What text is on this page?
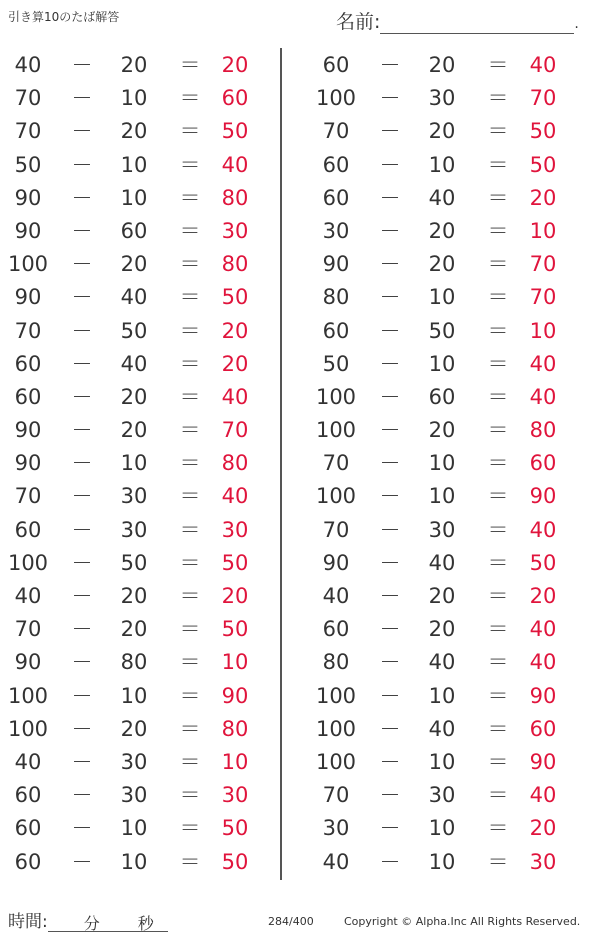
引き算10のたば解答	名前:	.
40	－	20	＝	20
70	－	10	＝	60
70	－	20	＝	50
50	－	10	＝	40
90	－	10	＝	80
90	－	60	＝	30
100 －	20	＝	80
90	－	40	＝	50
70	－	50	＝	20
60	－	40	＝	20
60	－	20	＝	40
90	－	20	＝	70
90	－	10	＝	80
70	－	30	＝	40
60	－	30	＝	30
100 －	50	＝	50
40	－	20	＝	20
70	－	20	＝	50
90	－	80	＝	10
100 －	10	＝	90
100 －	20	＝	80
40	－	30	＝	10
60	－	30	＝	30
60	－	10	＝	50
60	－	10	＝	50
60	－	20	＝	40
100 －	30	＝	70
70	－	20	＝	50
60	－	10	＝	50
60	－	40	＝	20
30	－	20	＝	10
90	－	20	＝	70
80	－	10	＝	70
60	－	50	＝	10
50	－	10	＝	40
100 －	60	＝	40
100 －	20	＝	80
70	－	10	＝	60
100 －	10	＝	90
70	－	30	＝	40
90	－	40	＝	50
40	－	20	＝	20
60	－	20	＝	40
80	－	40	＝	40
100 －	10	＝	90
100 －	40	＝	60
100 －	10	＝	90
70	－	30	＝	40
30	－	10	＝	20
40	－	10	＝	30
時間: 分 秒	284/400	Copyright © Alpha.Inc All Rights Reserved.
